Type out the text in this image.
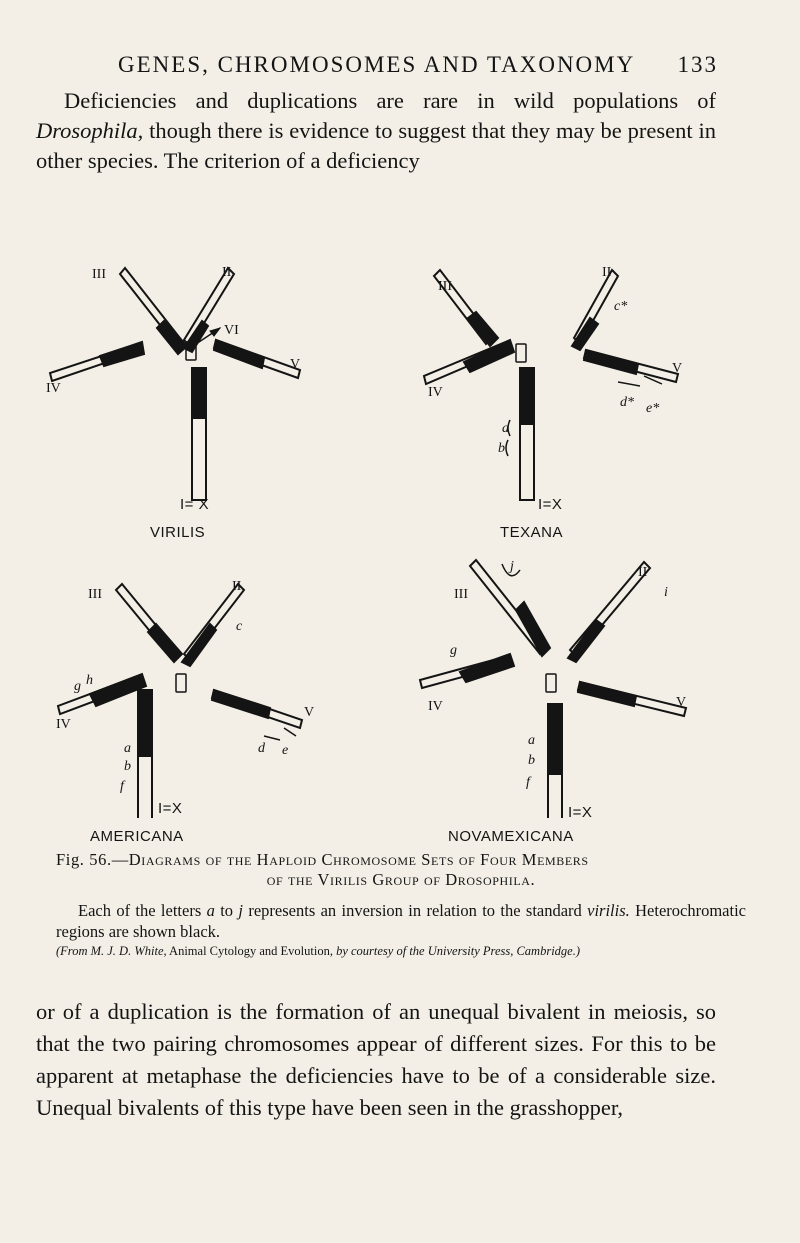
GENES, CHROMOSOMES AND TAXONOMY 133
Deficiencies and duplications are rare in wild populations of Drosophila, though there is evidence to suggest that they may be present in other species. The criterion of a deficiency
III	II
VI
V
IV
III
II
c*
V
d* e*
IV
a
b
III
II
c
g h
IV
V
d e
a
b
f
III
II
j
i
g
IV	V
a
b
f
I= X
VIRILIS
I=X
TEXANA
I=X
AMERICANA
I=X
NOVAMEXICANA
Fig. 56.—Diagrams of the Haploid Chromosome Sets of Four Members
of the Virilis Group of Drosophila.
Each of the letters a to j represents an inversion in relation to the standard virilis. Heterochromatic regions are shown black.
(From M. J. D. White, Animal Cytology and Evolution, by courtesy of the University Press, Cambridge.)
or of a duplication is the formation of an unequal bivalent in meiosis, so that the two pairing chromosomes appear of different sizes. For this to be apparent at metaphase the deficiencies have to be of a considerable size. Unequal bivalents of this type have been seen in the grasshopper,
